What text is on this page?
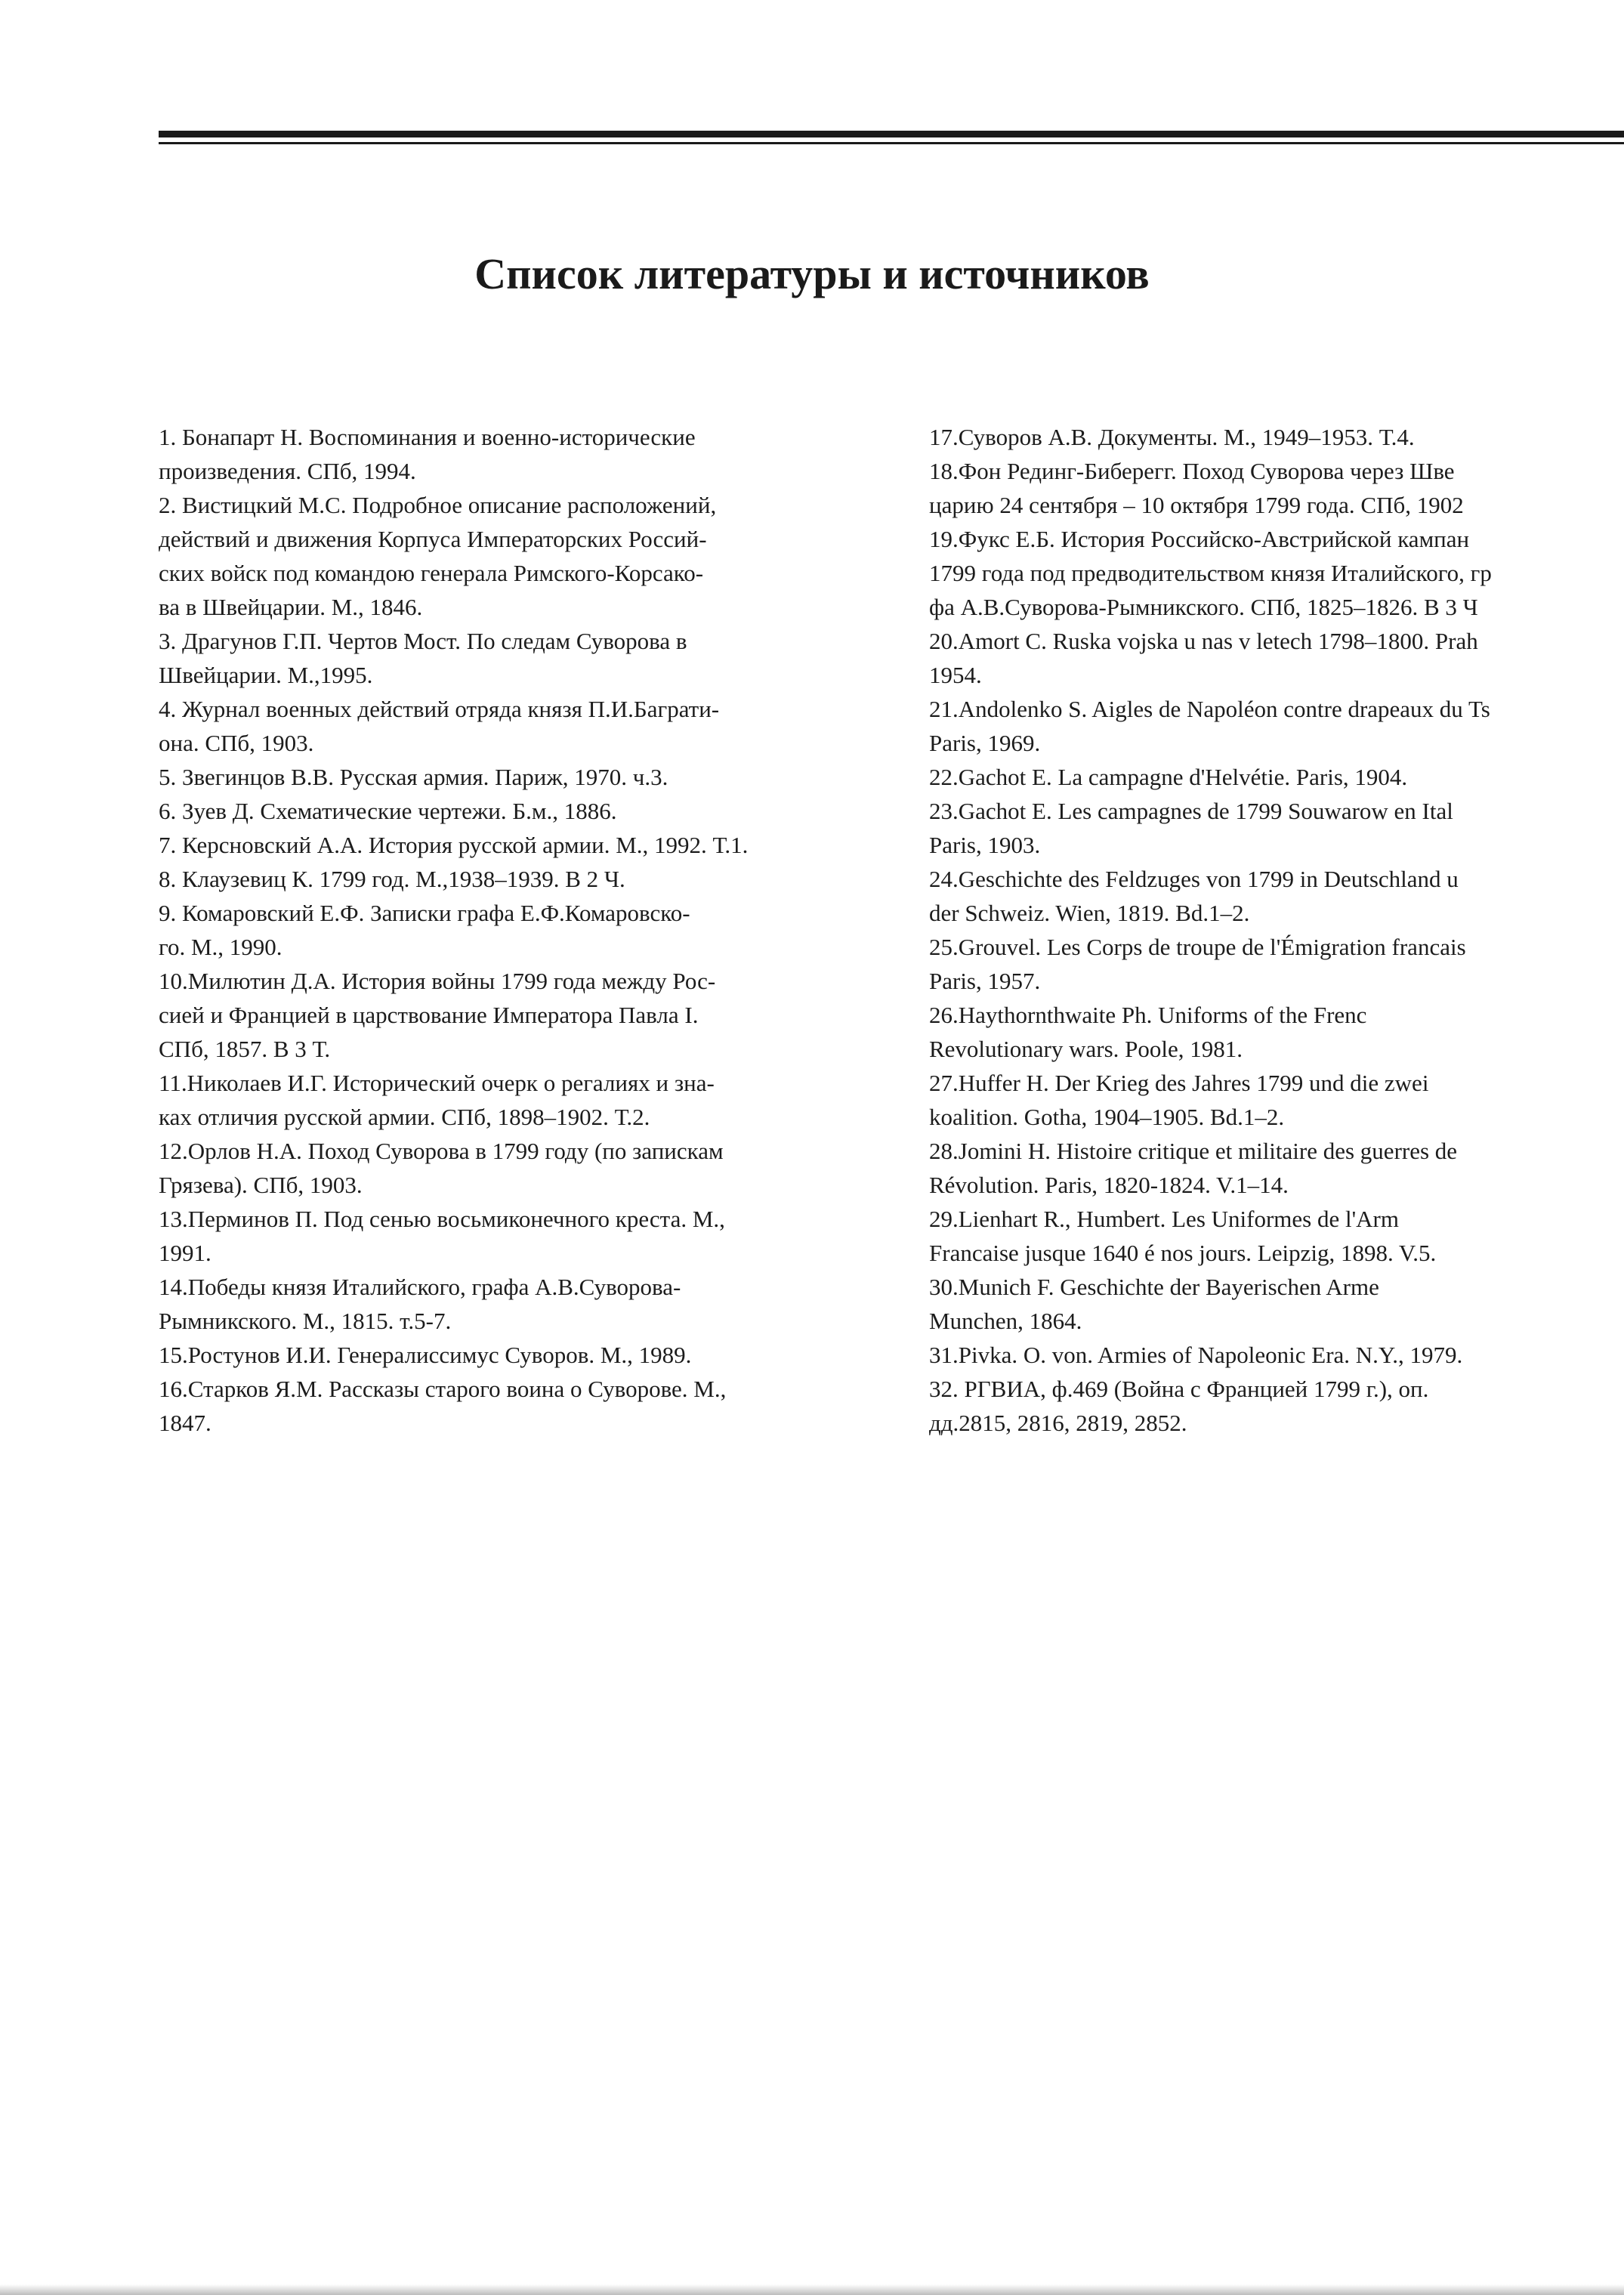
Список литературы и источников
1. Бонапарт Н. Воспоминания и военно-исторические
произведения. СПб, 1994.
2. Вистицкий М.С. Подробное описание расположений,
действий и движения Корпуса Императорских Россий-
ских войск под командою генерала Римского-Корсако-
ва в Швейцарии. М., 1846.
3. Драгунов Г.П. Чертов Мост. По следам Суворова в
Швейцарии. М.,1995.
4. Журнал военных действий отряда князя П.И.Баграти-
она. СПб, 1903.
5. Звегинцов В.В. Русская армия. Париж, 1970. ч.3.
6. Зуев Д. Схематические чертежи. Б.м., 1886.
7. Керсновский А.А. История русской армии. М., 1992. Т.1.
8. Клаузевиц К. 1799 год. М.,1938–1939. В 2 Ч.
9. Комаровский Е.Ф. Записки графа Е.Ф.Комаровско-
го. М., 1990.
10.Милютин Д.А. История войны 1799 года между Рос-
сией и Францией в царствование Императора Павла I.
СПб, 1857. В 3 Т.
11.Николаев И.Г. Исторический очерк о регалиях и зна-
ках отличия русской армии. СПб, 1898–1902. Т.2.
12.Орлов Н.А. Поход Суворова в 1799 году (по запискам
Грязева). СПб, 1903.
13.Перминов П. Под сенью восьмиконечного креста. М.,
1991.
14.Победы князя Италийского, графа А.В.Суворова-
Рымникского. М., 1815. т.5-7.
15.Ростунов И.И. Генералиссимус Суворов. М., 1989.
16.Старков Я.М. Рассказы старого воина о Суворове. М.,
1847.
17.Суворов А.В. Документы. М., 1949–1953. Т.4.
18.Фон Рединг-Биберегг. Поход Суворова через Шве
царию 24 сентября – 10 октября 1799 года. СПб, 1902
19.Фукс Е.Б. История Российско-Австрийской кампан
1799 года под предводительством князя Италийского, гр
фа А.В.Суворова-Рымникского. СПб, 1825–1826. В 3 Ч
20.Amort C. Ruska vojska u nas v letech 1798–1800. Prah
1954.
21.Andolenko S. Aigles de Napoléon contre drapeaux du Ts
Paris, 1969.
22.Gachot E. La campagne d'Helvétie. Paris, 1904.
23.Gachot E. Les campagnes de 1799 Souwarow en Ital
Paris, 1903.
24.Geschichte des Feldzuges von 1799 in Deutschland u
der Schweiz. Wien, 1819. Bd.1–2.
25.Grouvel. Les Corps de troupe de l'Émigration francais
Paris, 1957.
26.Haythornthwaite Ph. Uniforms of the Frenc
Revolutionary wars. Poole, 1981.
27.Huffer H. Der Krieg des Jahres 1799 und die zwei
koalition. Gotha, 1904–1905. Bd.1–2.
28.Jomini H. Histoire critique et militaire des guerres de
Révolution. Paris, 1820-1824. V.1–14.
29.Lienhart R., Humbert. Les Uniformes de l'Arm
Francaise jusque 1640 é nos jours. Leipzig, 1898. V.5.
30.Munich F. Geschichte der Bayerischen Arme
Munchen, 1864.
31.Pivka. O. von. Armies of Napoleonic Era. N.Y., 1979.
32. РГВИА, ф.469 (Война с Францией 1799 г.), оп.
дд.2815, 2816, 2819, 2852.
